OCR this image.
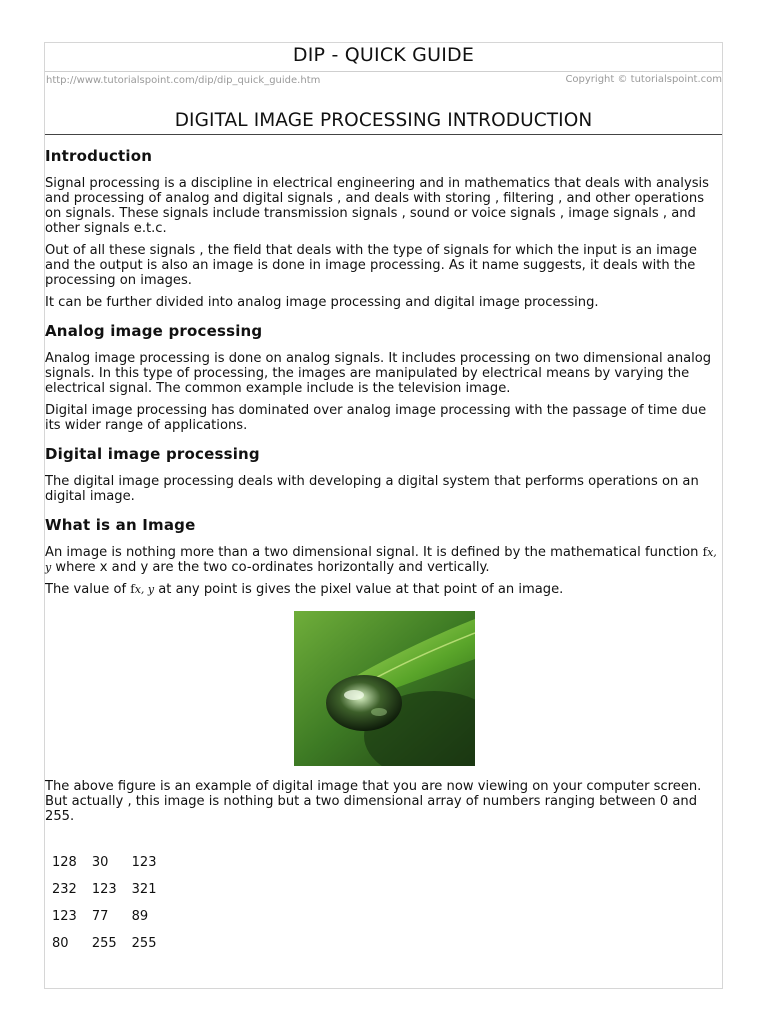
DIP - QUICK GUIDE
http://www.tutorialspoint.com/dip/dip_quick_guide.htm	Copyright © tutorialspoint.com
DIGITAL IMAGE PROCESSING INTRODUCTION
Introduction

Signal processing is a discipline in electrical engineering and in mathematics that deals with analysis and processing of analog and digital signals , and deals with storing , filtering , and other operations on signals. These signals include transmission signals , sound or voice signals , image signals , and other signals e.t.c.

Out of all these signals , the field that deals with the type of signals for which the input is an image and the output is also an image is done in image processing. As it name suggests, it deals with the processing on images.

It can be further divided into analog image processing and digital image processing.

Analog image processing

Analog image processing is done on analog signals. It includes processing on two dimensional analog signals. In this type of processing, the images are manipulated by electrical means by varying the electrical signal. The common example include is the television image.

Digital image processing has dominated over analog image processing with the passage of time due its wider range of applications.

Digital image processing

The digital image processing deals with developing a digital system that performs operations on an digital image.

What is an Image

An image is nothing more than a two dimensional signal. It is defined by the mathematical function fx, y where x and y are the two co-ordinates horizontally and vertically.

The value of fx, y at any point is gives the pixel value at that point of an image.

The above figure is an example of digital image that you are now viewing on your computer screen. But actually , this image is nothing but a two dimensional array of numbers ranging between 0 and 255.

128	30	123
232	123	321
123	77	89
80	255	255
